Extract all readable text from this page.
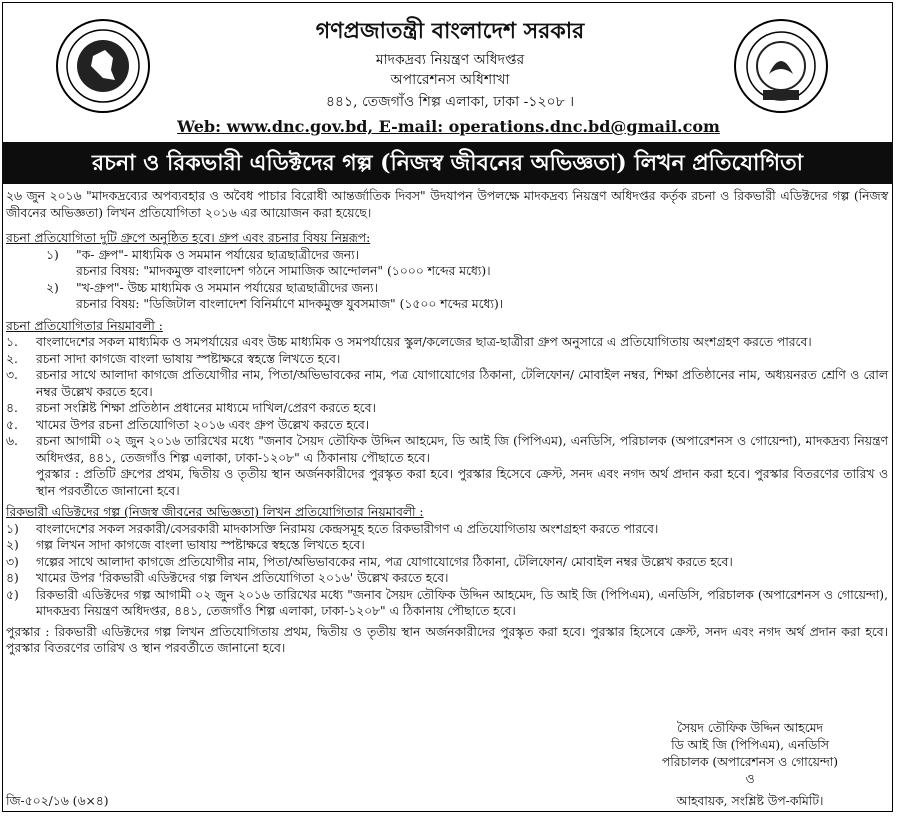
গণপ্রজাতন্ত্রী বাংলাদেশ সরকার
মাদকদ্রব্য নিয়ন্ত্রণ অধিদপ্তর
অপারেশনস অধিশাখা
৪৪১, তেজগাঁও শিল্প এলাকা, ঢাকা -১২০৮ ।
Web: www.dnc.gov.bd, E-mail: operations.dnc.bd@gmail.com
রচনা ও রিকভারী এডিক্টদের গল্প (নিজস্ব জীবনের অভিজ্ঞতা) লিখন প্রতিযোগিতা

২৬ জুন ২০১৬ "মাদকদ্রব্যের অপব্যবহার ও অবৈধ পাচার বিরোধী আন্তর্জাতিক দিবস" উদযাপন উপলক্ষে মাদকদ্রব্য নিয়ন্ত্রণ অধিদপ্তর কর্তৃক রচনা ও রিকভারী এডিক্টদের গল্প (নিজস্ব জীবনের অভিজ্ঞতা) লিখন প্রতিযোগিতা ২০১৬ এর আয়োজন করা হয়েছে।

রচনা প্রতিযোগিতা দুটি গ্রুপে অনুষ্ঠিত হবে। গ্রুপ এবং রচনার বিষয় নিম্নরূপ:

১)	"ক- গ্রুপ"- মাধ্যমিক ও সমমান পর্যায়ের ছাত্রছাত্রীদের জন্য।

রচনার বিষয়: "মাদকমুক্ত বাংলাদেশ গঠনে সামাজিক আন্দোলন" (১০০০ শব্দের মধ্যে)।

২)	"খ-গ্রুপ"- উচ্চ মাধ্যমিক ও সমমান পর্যায়ের ছাত্রছাত্রীদের জন্য।

রচনার বিষয়: "ডিজিটাল বাংলাদেশ বিনির্মাণে মাদকমুক্ত যুবসমাজ" (১৫০০ শব্দের মধ্যে)।

রচনা প্রতিযোগিতার নিয়মাবলী :

১.	বাংলাদেশের সকল মাধ্যমিক ও সমপর্যায়ের এবং উচ্চ মাধ্যমিক ও সমপর্যায়ের স্কুল/কলেজের ছাত্র-ছাত্রীরা গ্রুপ অনুসারে এ প্রতিযোগিতায় অংশগ্রহণ করতে পারবে।
২.	রচনা সাদা কাগজে বাংলা ভাষায় স্পষ্টাক্ষরে স্বহস্তে লিখতে হবে।
৩.	রচনার সাথে আলাদা কাগজে প্রতিযোগীর নাম, পিতা/অভিভাবকের নাম, পত্র যোগাযোগের ঠিকানা, টেলিফোন/ মোবাইল নম্বর, শিক্ষা প্রতিষ্ঠানের নাম, অধ্যয়নরত শ্রেণি ও রোল নম্বর উল্লেখ করতে হবে।
৪.	রচনা সংশ্লিষ্ট শিক্ষা প্রতিষ্ঠান প্রধানের মাধ্যমে দাখিল/প্রেরণ করতে হবে।
৫.	খামের উপর রচনা প্রতিযোগিতা ২০১৬ এবং গ্রুপ উল্লেখ করতে হবে।
৬.	রচনা আগামী ০২ জুন ২০১৬ তারিখের মধ্যে "জনাব সৈয়দ তৌফিক উদ্দিন আহমেদ, ডি আই জি (পিপিএম), এনডিসি, পরিচালক (অপারেশনস ও গোয়েন্দা), মাদকদ্রব্য নিয়ন্ত্রণ অধিদপ্তর, ৪৪১, তেজগাঁও শিল্প এলাকা, ঢাকা-১২০৮" এ ঠিকানায় পৌছাতে হবে।
পুরস্কার : প্রতিটি গ্রুপের প্রথম, দ্বিতীয় ও তৃতীয় স্থান অর্জনকারীদের পুরস্কৃত করা হবে। পুরস্কার হিসেবে ক্রেস্ট, সনদ এবং নগদ অর্থ প্রদান করা হবে। পুরস্কার বিতরণের তারিখ ও স্থান পরবর্তীতে জানানো হবে।

রিকভারী এডিক্টদের গল্প (নিজস্ব জীবনের অভিজ্ঞতা) লিখন প্রতিযোগিতার নিয়মাবলী :

১)	বাংলাদেশের সকল সরকারী/বেসরকারী মাদকাসক্তি নিরাময় কেন্দ্রসমূহ হতে রিকভারীগণ এ প্রতিযোগিতায় অংশগ্রহণ করতে পারবে।
২)	গল্প লিখন সাদা কাগজে বাংলা ভাষায় স্পষ্টাক্ষরে স্বহস্তে লিখতে হবে।
৩)	গল্পের সাথে আলাদা কাগজে প্রতিযোগীর নাম, পিতা/অভিভাবকের নাম, পত্র যোগাযোগের ঠিকানা, টেলিফোন/ মোবাইল নম্বর উল্লেখ করতে হবে।
৪)	খামের উপর 'রিকভারী এডিক্টদের গল্প লিখন প্রতিযোগিতা ২০১৬' উল্লেখ করতে হবে।
৫)	রিকভারী এডিক্টদের গল্প আগামী ০২ জুন ২০১৬ তারিখের মধ্যে "জনাব সৈয়দ তৌফিক উদ্দিন আহমেদ, ডি আই জি (পিপিএম), এনডিসি, পরিচালক (অপারেশনস ও গোয়েন্দা), মাদকদ্রব্য নিয়ন্ত্রণ অধিদপ্তর, ৪৪১, তেজগাঁও শিল্প এলাকা, ঢাকা-১২০৮" এ ঠিকানায় পৌছাতে হবে।

পুরস্কার : রিকভারী এডিক্টদের গল্প লিখন প্রতিযোগিতায় প্রথম, দ্বিতীয় ও তৃতীয় স্থান অর্জনকারীদের পুরস্কৃত করা হবে। পুরস্কার হিসেবে ক্রেস্ট, সনদ এবং নগদ অর্থ প্রদান করা হবে। পুরস্কার বিতরণের তারিখ ও স্থান পরবর্তীতে জানানো হবে।

সৈয়দ তৌফিক উদ্দিন আহমেদ
ডি আই জি (পিপিএম), এনডিসি
পরিচালক (অপারেশনস ও গোয়েন্দা)
ও
আহবায়ক, সংশ্লিষ্ট উপ-কমিটি।
জি-৫০২/১৬ (৬×৪)
